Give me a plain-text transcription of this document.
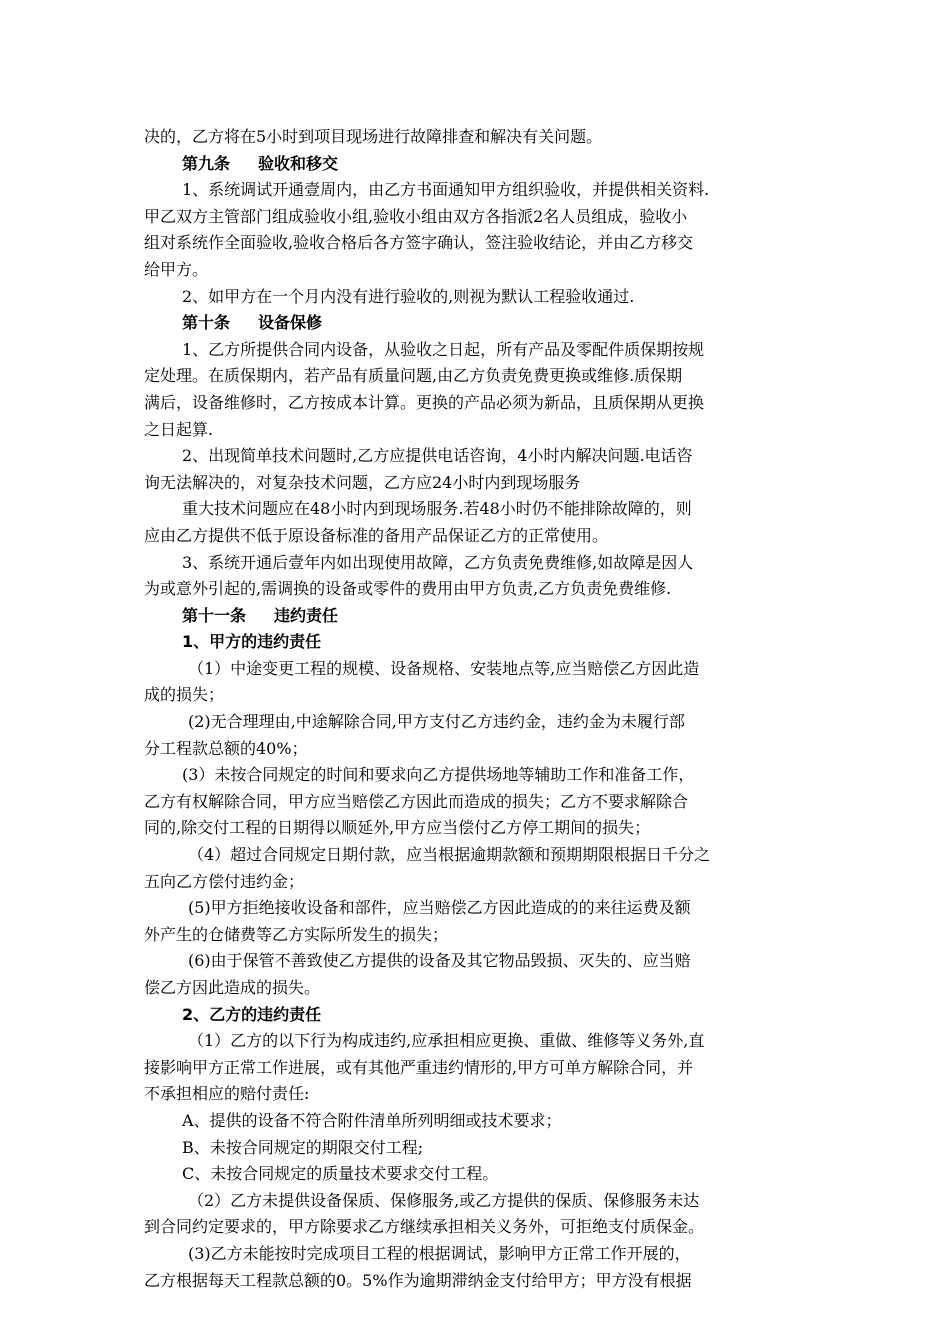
决的，乙方将在5小时到项目现场进行故障排查和解决有关问题。
第九条 验收和移交
1、系统调试开通壹周内，由乙方书面通知甲方组织验收，并提供相关资料.
甲乙双方主管部门组成验收小组,验收小组由双方各指派2名人员组成，验收小
组对系统作全面验收,验收合格后各方签字确认，签注验收结论，并由乙方移交
给甲方。
2、如甲方在一个月内没有进行验收的,则视为默认工程验收通过.
第十条 设备保修
1、乙方所提供合同内设备，从验收之日起，所有产品及零配件质保期按规
定处理。在质保期内，若产品有质量问题,由乙方负责免费更换或维修.质保期
满后，设备维修时，乙方按成本计算。更换的产品必须为新品，且质保期从更换
之日起算.
2、出现简单技术问题时,乙方应提供电话咨询，4小时内解决问题.电话咨
询无法解决的，对复杂技术问题，乙方应24小时内到现场服务
重大技术问题应在48小时内到现场服务.若48小时仍不能排除故障的，则
应由乙方提供不低于原设备标准的备用产品保证乙方的正常使用。
3、系统开通后壹年内如出现使用故障，乙方负责免费维修,如故障是因人
为或意外引起的,需调换的设备或零件的费用由甲方负责,乙方负责免费维修.
第十一条 违约责任
1、甲方的违约责任
（1）中途变更工程的规模、设备规格、安装地点等,应当赔偿乙方因此造
成的损失；
(2)无合理理由,中途解除合同,甲方支付乙方违约金，违约金为未履行部
分工程款总额的40%；
(3）未按合同规定的时间和要求向乙方提供场地等辅助工作和准备工作，
乙方有权解除合同，甲方应当赔偿乙方因此而造成的损失；乙方不要求解除合
同的,除交付工程的日期得以顺延外,甲方应当偿付乙方停工期间的损失；
（4）超过合同规定日期付款，应当根据逾期款额和预期期限根据日千分之
五向乙方偿付违约金；
(5)甲方拒绝接收设备和部件，应当赔偿乙方因此造成的的来往运费及额
外产生的仓储费等乙方实际所发生的损失；
(6)由于保管不善致使乙方提供的设备及其它物品毁损、灭失的、应当赔
偿乙方因此造成的损失。
2、乙方的违约责任
（1）乙方的以下行为构成违约,应承担相应更换、重做、维修等义务外,直
接影响甲方正常工作进展，或有其他严重违约情形的,甲方可单方解除合同，并
不承担相应的赔付责任:
A、提供的设备不符合附件清单所列明细或技术要求；
B、未按合同规定的期限交付工程;
C、未按合同规定的质量技术要求交付工程。
（2）乙方未提供设备保质、保修服务,或乙方提供的保质、保修服务未达
到合同约定要求的，甲方除要求乙方继续承担相关义务外，可拒绝支付质保金。
(3)乙方未能按时完成项目工程的根据调试，影响甲方正常工作开展的，
乙方根据每天工程款总额的0。5%作为逾期滞纳金支付给甲方；甲方没有根据
